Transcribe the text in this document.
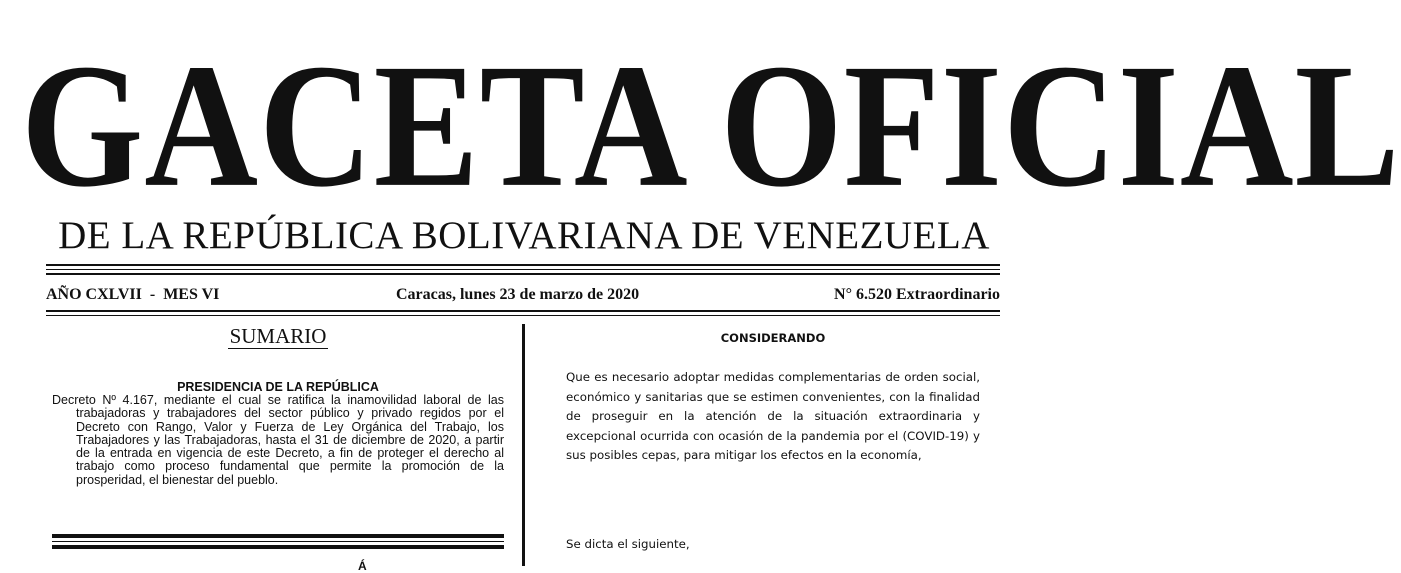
GACETA OFICIAL
DE LA REPÚBLICA BOLIVARIANA DE VENEZUELA
AÑO CXLVII  -  MES VI	Caracas, lunes 23 de marzo de 2020	N° 6.520 Extraordinario
SUMARIO
PRESIDENCIA DE LA REPÚBLICA
Decreto Nº 4.167, mediante el cual se ratifica la inamovilidad laboral de las trabajadoras y trabajadores del sector público y privado regidos por el Decreto con Rango, Valor y Fuerza de Ley Orgánica del Trabajo, los Trabajadores y las Trabajadoras, hasta el 31 de diciembre de 2020, a partir de la entrada en vigencia de este Decreto, a fin de proteger el derecho al trabajo como proceso fundamental que permite la promoción de la prosperidad, el bienestar del pueblo.
Á
CONSIDERANDO

Que es necesario adoptar medidas complementarias de orden social, económico y sanitarias que se estimen convenientes, con la finalidad de proseguir en la atención de la situación extraordinaria y excepcional ocurrida con ocasión de la pandemia por el (COVID-19) y sus posibles cepas, para mitigar los efectos en la economía,

Se dicta el siguiente,
